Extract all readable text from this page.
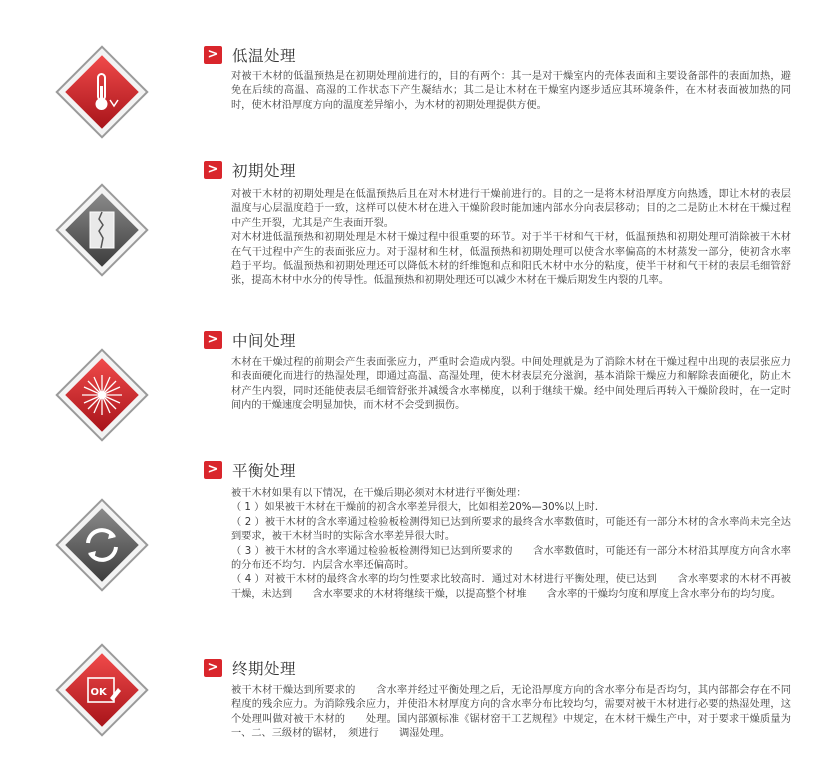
> 低温处理

对被干木材的低温预热是在初期处理前进行的，目的有两个：其一是对干燥室内的壳体表面和主要设备部件的表面加热，避免在后续的高温、高湿的工作状态下产生凝结水；其二是让木材在干燥室内逐步适应其环境条件，在木材表面被加热的同时，使木材沿厚度方向的温度差异缩小，为木材的初期处理提供方便。

> 初期处理

对被干木材的初期处理是在低温预热后且在对木材进行干燥前进行的。目的之一是将木材沿厚度方向热透，即让木材的表层温度与心层温度趋于一致，这样可以使木材在进入干燥阶段时能加速内部水分向表层移动；目的之二是防止木材在干燥过程中产生开裂，尤其是产生表面开裂。

对木材进低温预热和初期处理是木材干燥过程中很重要的环节。对于半干材和气干材，低温预热和初期处理可消除被干木材在气干过程中产生的表面张应力。对于湿材和生材，低温预热和初期处理可以使含水率偏高的木材蒸发一部分，使初含水率趋于平均。低温预热和初期处理还可以降低木材的纤维饱和点和阳氏木材中水分的粘度，使半干材和气干材的表层毛细管舒张，提高木材中水分的传导性。低温预热和初期处理还可以减少木材在干燥后期发生内裂的几率。

> 中间处理

木材在干燥过程的前期会产生表面张应力，严重时会造成内裂。中间处理就是为了消除木材在干燥过程中出现的表层张应力和表面硬化而进行的热湿处理，即通过高温、高湿处理，使木材表层充分滋润，基本消除干燥应力和解除表面硬化，防止木材产生内裂，同时还能使表层毛细管舒张并减缓含水率梯度，以利于继续干燥。经中间处理后再转入干燥阶段时，在一定时间内的干燥速度会明显加快，而木材不会受到损伤。

> 平衡处理

被干木材如果有以下情况，在干燥后期必须对木材进行平衡处理：

（ 1 ）如果被干木材在干燥前的初含水率差异很大，比如相差20%—30%以上时．

（ 2 ）被干木材的含水率通过检验板检测得知已达到所要求的最终含水率数值时，可能还有一部分木材的含水率尚未完全达到要求，被干木材当时的实际含水率差异很大时。

（ 3 ）被干木材的含水率通过检验板检测得知已达到所要求的　　含水率数值时，可能还有一部分木材沿其厚度方向含水率的分布还不均匀．内层含水率还偏高时。

（ 4 ）对被干木材的最终含水率的均匀性要求比较高时．通过对木材进行平衡处理，使已达到　　含水率要求的木材不再被干燥，未达到　　含水率要求的木材将继续干燥，以提高整个材堆　　含水率的干燥均匀度和厚度上含水率分布的均匀度。

OK
> 终期处理

被干木材干燥达到所要求的　　含水率并经过平衡处理之后，无论沿厚度方向的含水率分布是否均匀，其内部都会存在不同程度的残余应力。为消除残余应力，并使沿木材厚度方向的含水率分布比较均匀，需要对被干木材进行必要的热湿处理，这个处理叫做对被干木材的　　处理。国内部颁标准《锯材窑干工艺规程》中规定，在木材干燥生产中，对于要求干燥质量为一、二、三级材的锯材，　须进行　　调湿处理。
